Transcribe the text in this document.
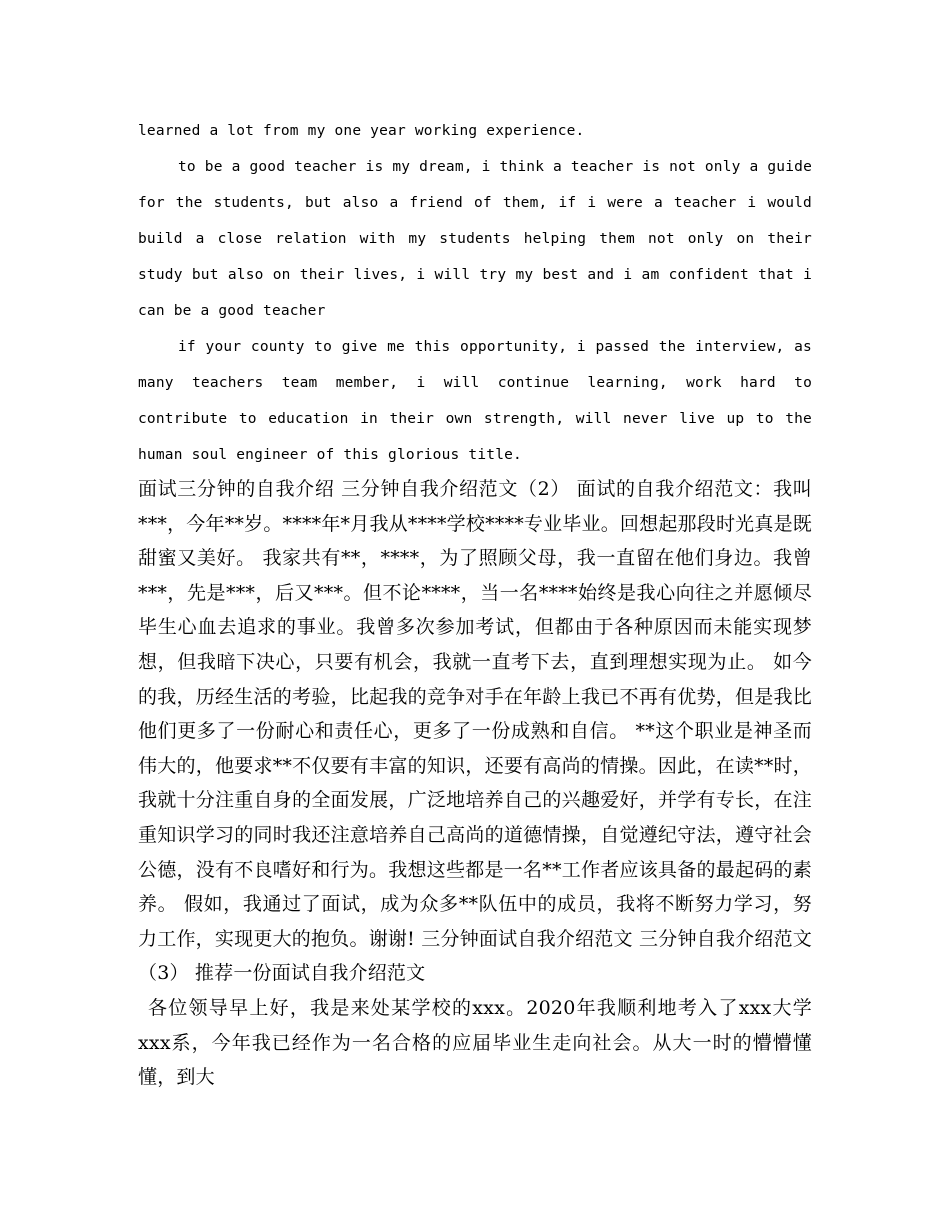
learned a lot from my one year working experience.

to be a good teacher is my dream, i think a teacher is not only a guide for the students, but also a friend of them, if i were a teacher i would build a close relation with my students helping them not only on their study but also on their lives, i will try my best and i am confident that i can be a good teacher

if your county to give me this opportunity, i passed the interview, as many teachers team member, i will continue learning, work hard to contribute to education in their own strength, will never live up to the human soul engineer of this glorious title.

面试三分钟的自我介绍 三分钟自我介绍范文（2） 面试的自我介绍范文：我叫***，今年**岁。****年*月我从****学校****专业毕业。回想起那段时光真是既甜蜜又美好。 我家共有**，****，为了照顾父母，我一直留在他们身边。我曾***，先是***，后又***。但不论****，当一名****始终是我心向往之并愿倾尽毕生心血去追求的事业。我曾多次参加考试，但都由于各种原因而未能实现梦想，但我暗下决心，只要有机会，我就一直考下去，直到理想实现为止。 如今的我，历经生活的考验，比起我的竞争对手在年龄上我已不再有优势，但是我比他们更多了一份耐心和责任心，更多了一份成熟和自信。 **这个职业是神圣而伟大的，他要求**不仅要有丰富的知识，还要有高尚的情操。因此，在读**时，我就十分注重自身的全面发展，广泛地培养自己的兴趣爱好，并学有专长，在注重知识学习的同时我还注意培养自己高尚的道德情操，自觉遵纪守法，遵守社会公德，没有不良嗜好和行为。我想这些都是一名**工作者应该具备的最起码的素养。 假如，我通过了面试，成为众多**队伍中的成员，我将不断努力学习，努力工作，实现更大的抱负。谢谢! 三分钟面试自我介绍范文 三分钟自我介绍范文（3） 推荐一份面试自我介绍范文

各位领导早上好，我是来处某学校的xxx。2020年我顺利地考入了xxx大学xxx系，今年我已经作为一名合格的应届毕业生走向社会。从大一时的懵懵懂懂，到大
